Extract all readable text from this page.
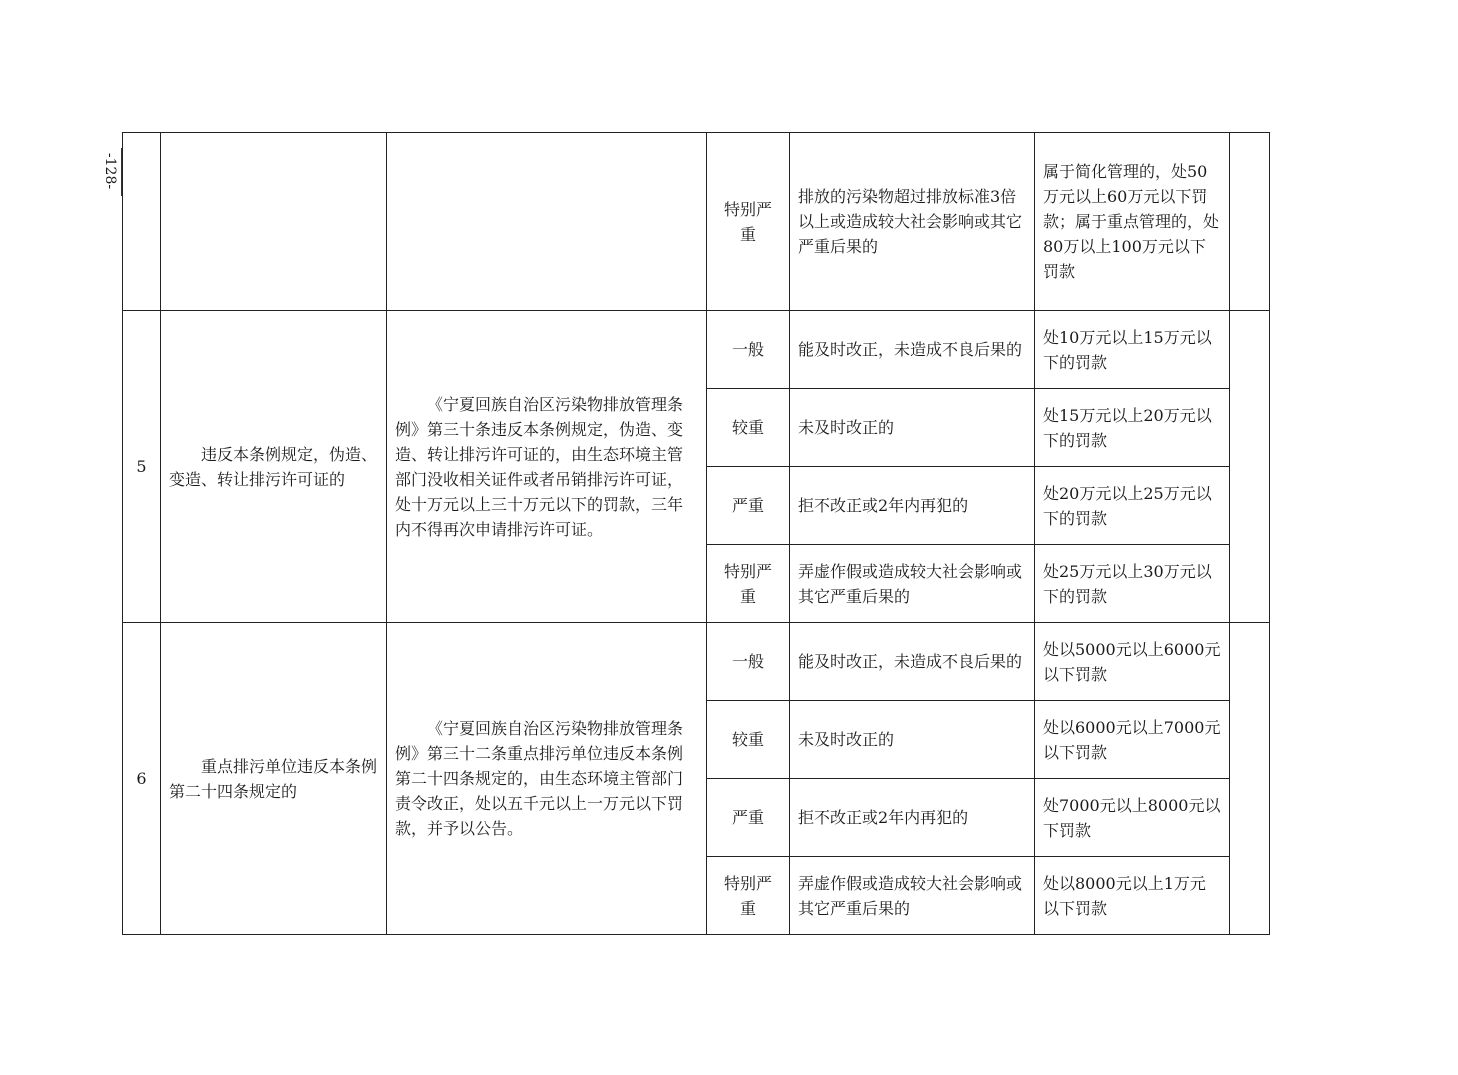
-128-
			特别严重	排放的污染物超过排放标准3倍以上或造成较大社会影响或其它严重后果的	属于简化管理的，处50万元以上60万元以下罚款；属于重点管理的，处80万以上100万元以下罚款	
5	违反本条例规定，伪造、变造、转让排污许可证的	《宁夏回族自治区污染物排放管理条例》第三十条违反本条例规定，伪造、变造、转让排污许可证的，由生态环境主管部门没收相关证件或者吊销排污许可证，处十万元以上三十万元以下的罚款，三年内不得再次申请排污许可证。	一般	能及时改正，未造成不良后果的	处10万元以上15万元以下的罚款	
			较重	未及时改正的	处15万元以上20万元以下的罚款	
			严重	拒不改正或2年内再犯的	处20万元以上25万元以下的罚款	
			特别严重	弄虚作假或造成较大社会影响或其它严重后果的	处25万元以上30万元以下的罚款	
6	重点排污单位违反本条例第二十四条规定的	《宁夏回族自治区污染物排放管理条例》第三十二条重点排污单位违反本条例第二十四条规定的，由生态环境主管部门责令改正，处以五千元以上一万元以下罚款，并予以公告。	一般	能及时改正，未造成不良后果的	处以5000元以上6000元以下罚款	
			较重	未及时改正的	处以6000元以上7000元以下罚款	
			严重	拒不改正或2年内再犯的	处7000元以上8000元以下罚款	
			特别严重	弄虚作假或造成较大社会影响或其它严重后果的	处以8000元以上1万元以下罚款	
